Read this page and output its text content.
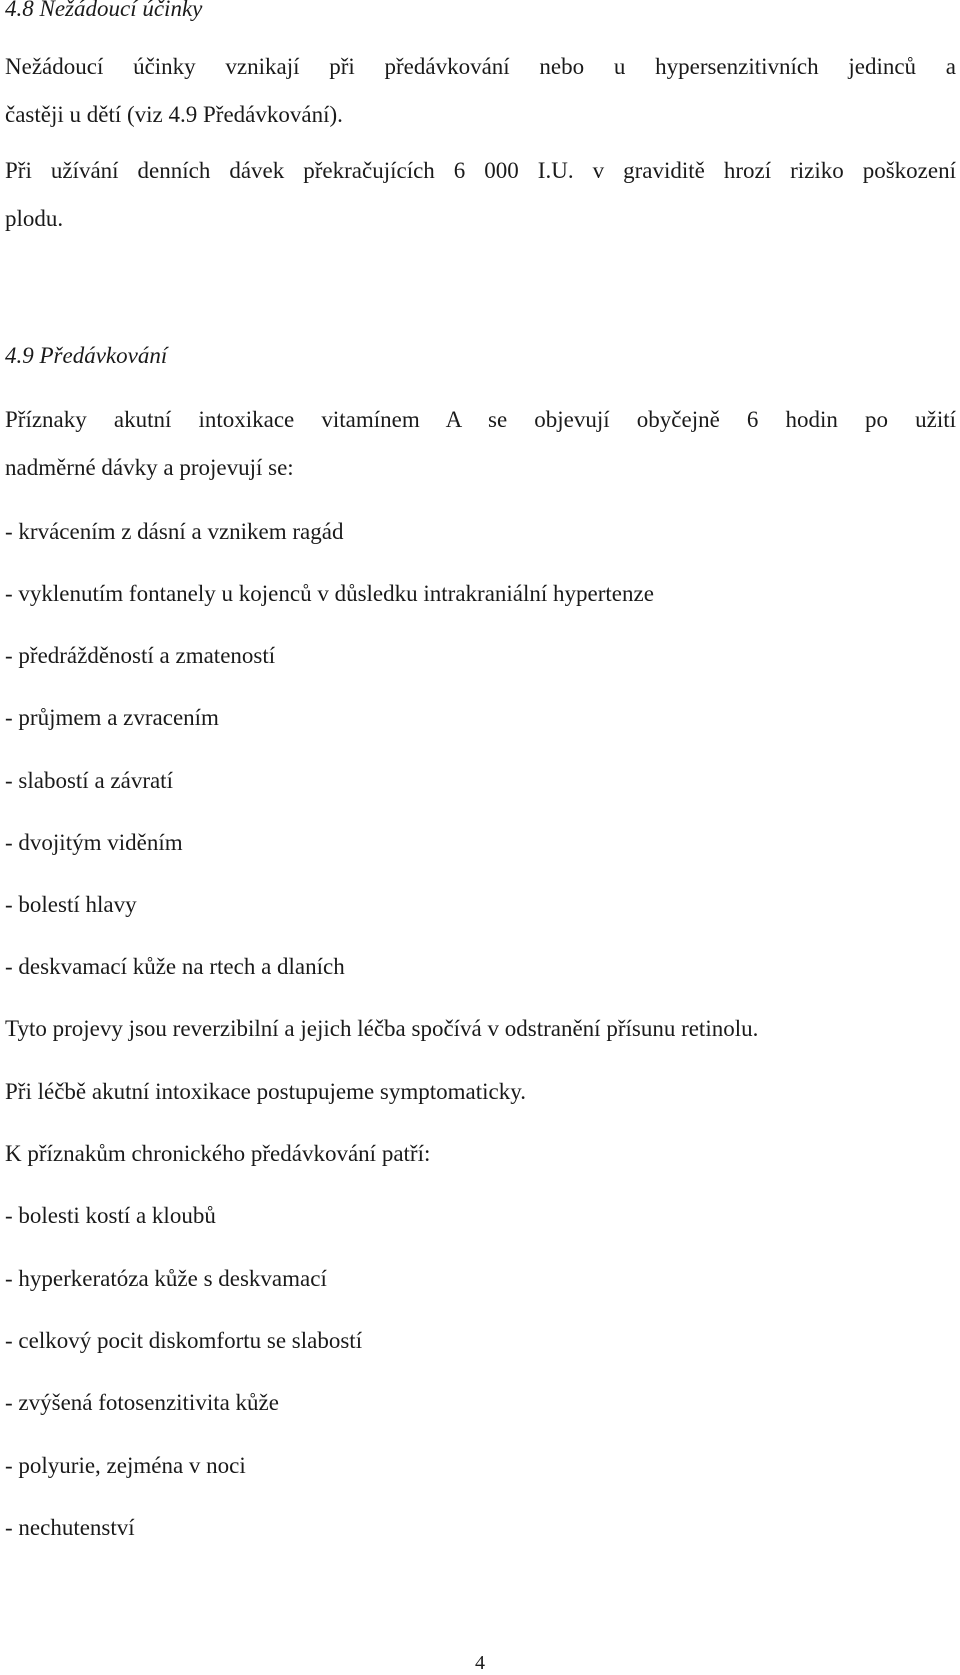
4.8 Nežádoucí účinky
Nežádoucí účinky vznikají při předávkování nebo u hypersenzitivních jedinců a
častěji u dětí (viz 4.9 Předávkování).
Při užívání denních dávek překračujících 6 000 I.U. v graviditě hrozí riziko poškození
plodu.
4.9 Předávkování
Příznaky akutní intoxikace vitamínem A se objevují obyčejně 6 hodin po užití
nadměrné dávky a projevují se:
- krvácením z dásní a vznikem ragád
- vyklenutím fontanely u kojenců v důsledku intrakraniální hypertenze
- předrážděností a zmateností
- průjmem a zvracením
- slabostí a závratí
- dvojitým viděním
- bolestí hlavy
- deskvamací kůže na rtech a dlaních
Tyto projevy jsou reverzibilní a jejich léčba spočívá v odstranění přísunu retinolu.
Při léčbě akutní intoxikace postupujeme symptomaticky.
K příznakům chronického předávkování patří:
- bolesti kostí a kloubů
- hyperkeratóza kůže s deskvamací
- celkový pocit diskomfortu se slabostí
- zvýšená fotosenzitivita kůže
- polyurie, zejména v noci
- nechutenství
4
